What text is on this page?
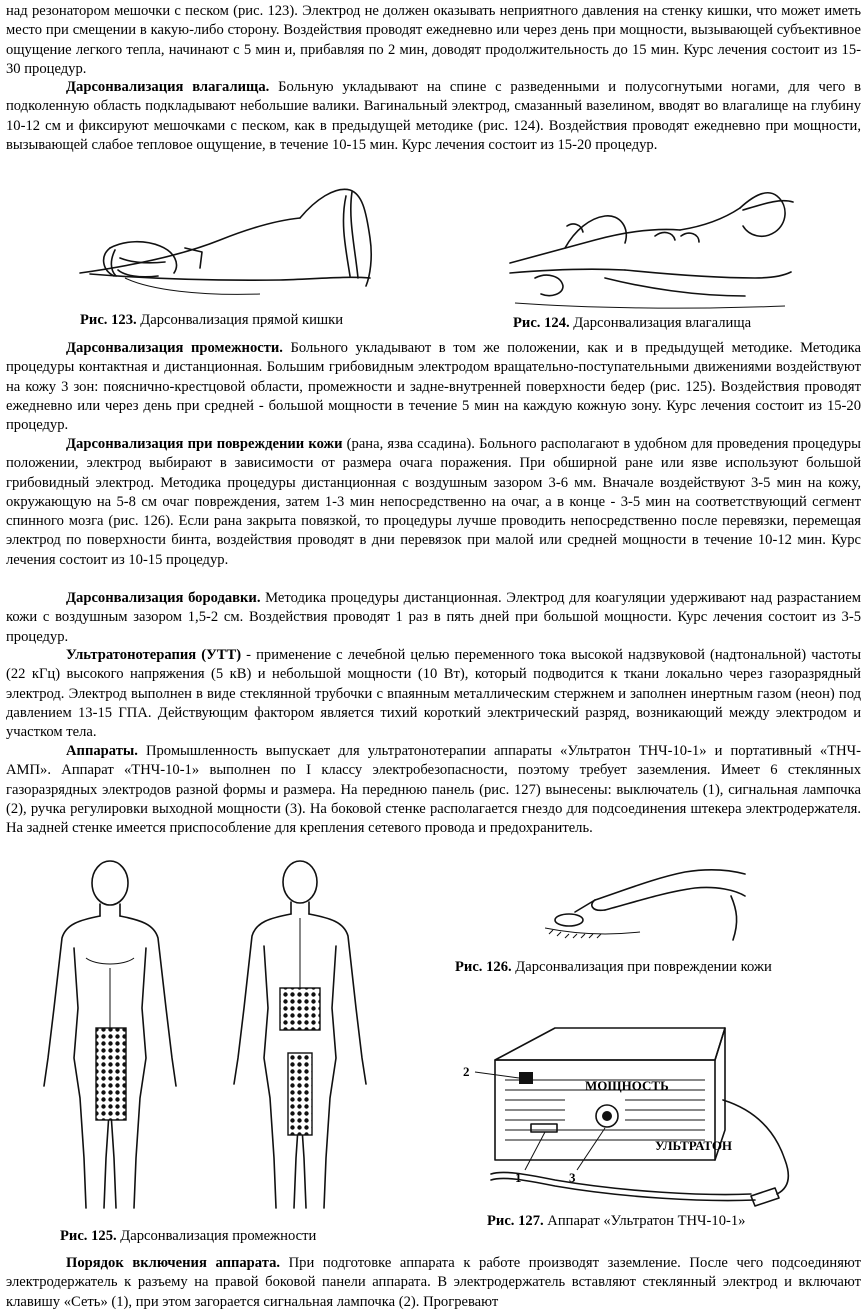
над резонатором мешочки с песком (рис. 123). Электрод не должен оказывать неприятного давления на стенку кишки, что может иметь место при смещении в какую-либо сторону. Воздействия проводят ежедневно или через день при мощности, вызывающей субъективное ощущение легкого тепла, начинают с 5 мин и, прибавляя по 2 мин, доводят продолжительность до 15 мин. Курс лечения состоит из 15-30 процедур.

Дарсонвализация влагалища. Больную укладывают на спине с разведенными и полусогнутыми ногами, для чего в подколенную область подкладывают небольшие валики. Вагинальный электрод, смазанный вазелином, вводят во влагалище на глубину 10-12 см и фиксируют мешочками с песком, как в предыдущей методике (рис. 124). Воздействия проводят ежедневно при мощности, вызывающей слабое тепловое ощущение, в течение 10-15 мин. Курс лечения состоит из 15-20 процедур.

Рис. 123. Дарсонвализация прямой кишки	Рис. 124. Дарсонвализация влагалища

Дарсонвализация промежности. Больного укладывают в том же положении, как и в предыдущей методике. Методика процедуры контактная и дистанционная. Большим грибовидным электродом вращательно-поступательными движениями воздействуют на кожу 3 зон: пояснично-крестцовой области, промежности и задне-внутренней поверхности бедер (рис. 125). Воздействия проводят ежедневно или через день при средней - большой мощности в течение 5 мин на каждую кожную зону. Курс лечения состоит из 15-20 процедур.

Дарсонвализация при повреждении кожи (рана, язва ссадина). Больного располагают в удобном для проведения процедуры положении, электрод выбирают в зависимости от размера очага поражения. При обширной ране или язве используют большой грибовидный электрод. Методика процедуры дистанционная с воздушным зазором 3-6 мм. Вначале воздействуют 3-5 мин на кожу, окружающую на 5-8 см очаг повреждения, затем 1-3 мин непосредственно на очаг, а в конце - 3-5 мин на соответствующий сегмент спинного мозга (рис. 126). Если рана закрыта повязкой, то процедуры лучше проводить непосредственно после перевязки, перемещая электрод по поверхности бинта, воздействия проводят в дни перевязок при малой или средней мощности в течение 10-12 мин. Курс лечения состоит из 10-15 процедур.

Дарсонвализация бородавки. Методика процедуры дистанционная. Электрод для коагуляции удерживают над разрастанием кожи с воздушным зазором 1,5-2 см. Воздействия проводят 1 раз в пять дней при большой мощности. Курс лечения состоит из 3-5 процедур.

Ультратонотерапия (УТТ) - применение с лечебной целью переменного тока высокой надзвуковой (надтональной) частоты (22 кГц) высокого напряжения (5 кВ) и небольшой мощности (10 Вт), который подводится к ткани локально через газоразрядный электрод. Электрод выполнен в виде стеклянной трубочки с впаянным металлическим стержнем и заполнен инертным газом (неон) под давлением 13-15 ГПА. Действующим фактором является тихий короткий электрический разряд, возникающий между электродом и участком тела.

Аппараты. Промышленность выпускает для ультратонотерапии аппараты «Ультратон ТНЧ-10-1» и портативный «ТНЧ-АМП». Аппарат «ТНЧ-10-1» выполнен по I классу электробезопасности, поэтому требует заземления. Имеет 6 стеклянных газоразрядных электродов разной формы и размера. На переднюю панель (рис. 127) вынесены: выключатель (1), сигнальная лампочка (2), ручка регулировки выходной мощности (3). На боковой стенке располагается гнездо для подсоединения штекера электродержателя. На задней стенке имеется приспособление для крепления сетевого провода и предохранитель.

Рис. 125. Дарсонвализация промежности
Рис. 126. Дарсонвализация при повреждении кожи
МОЩНОСТЬ
УЛЬТРАТОН
2
1	3
Рис. 127. Аппарат «Ультратон ТНЧ-10-1»

Порядок включения аппарата. При подготовке аппарата к работе производят заземление. После чего подсоединяют электродержатель к разъему на правой боковой панели аппарата. В электродержатель вставляют стеклянный электрод и включают клавишу «Сеть» (1), при этом загорается сигнальная лампочка (2). Прогревают
